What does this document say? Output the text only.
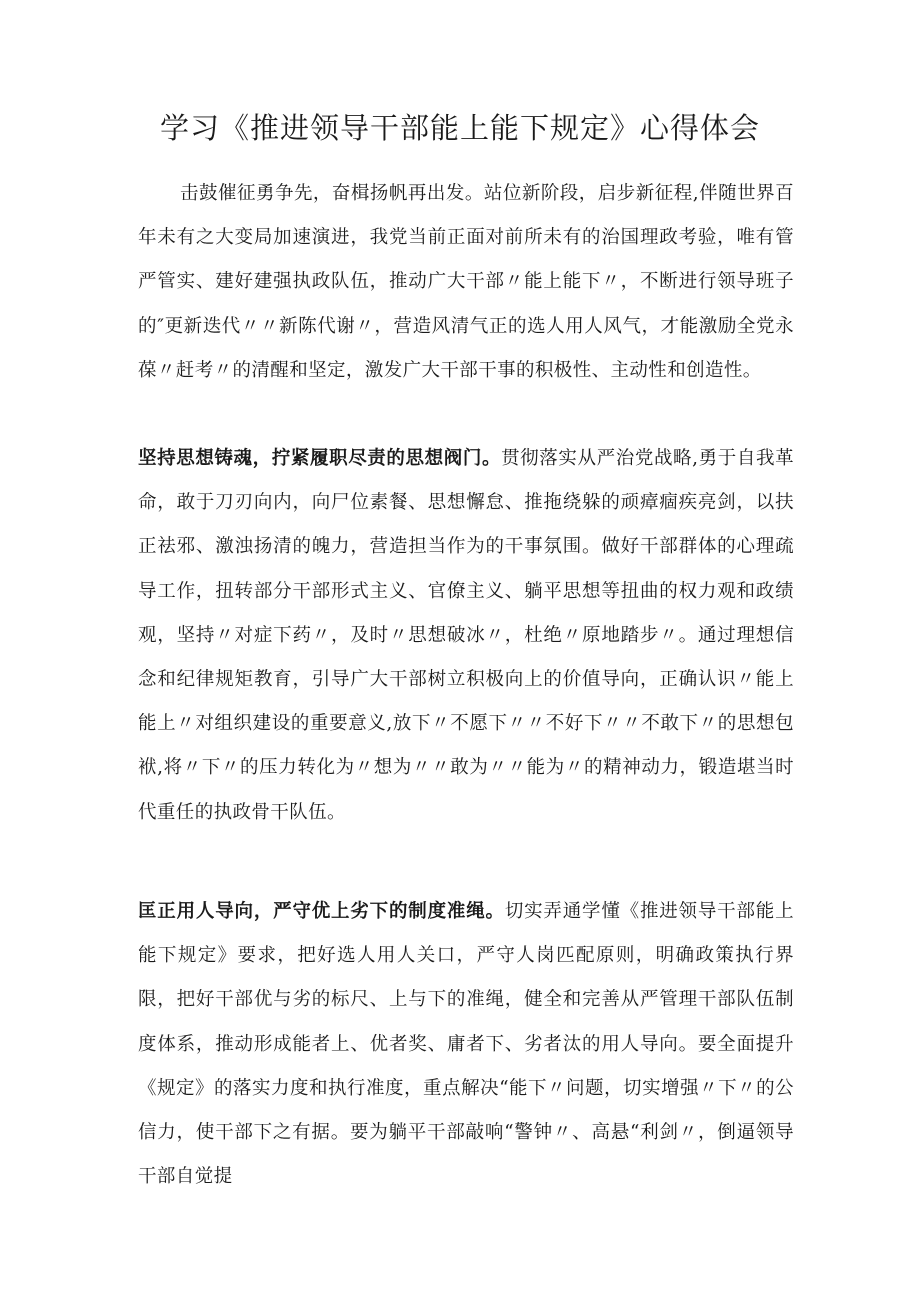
学习《推进领导干部能上能下规定》心得体会

击鼓催征勇争先，奋楫扬帆再出发。站位新阶段，启步新征程,伴随世界百年未有之大变局加速演进，我党当前正面对前所未有的治国理政考验，唯有管严管实、建好建强执政队伍，推动广大干部〃能上能下〃，不断进行领导班子的″更新迭代〃〃新陈代谢〃，营造风清气正的选人用人风气，才能激励全党永葆〃赶考〃的清醒和坚定，激发广大干部干事的积极性、主动性和创造性。

坚持思想铸魂，拧紧履职尽责的思想阀门。贯彻落实从严治党战略,勇于自我革命，敢于刀刃向内，向尸位素餐、思想懈怠、推拖绕躲的顽瘴痼疾亮剑，以扶正祛邪、激浊扬清的魄力，营造担当作为的干事氛围。做好干部群体的心理疏导工作，扭转部分干部形式主义、官僚主义、躺平思想等扭曲的权力观和政绩观，坚持〃对症下药〃，及时〃思想破冰〃，杜绝〃原地踏步〃。通过理想信念和纪律规矩教育，引导广大干部树立积极向上的价值导向，正确认识〃能上能上〃对组织建设的重要意义,放下〃不愿下〃〃不好下〃〃不敢下〃的思想包袱,将〃下〃的压力转化为〃想为〃〃敢为〃〃能为〃的精神动力，锻造堪当时代重任的执政骨干队伍。

匡正用人导向，严守优上劣下的制度准绳。切实弄通学懂《推进领导干部能上能下规定》要求，把好选人用人关口，严守人岗匹配原则，明确政策执行界限，把好干部优与劣的标尺、上与下的准绳，健全和完善从严管理干部队伍制度体系，推动形成能者上、优者奖、庸者下、劣者汰的用人导向。要全面提升《规定》的落实力度和执行准度，重点解决“能下〃问题，切实增强〃下〃的公信力，使干部下之有据。要为躺平干部敲响“警钟〃、高悬“利剑〃，倒逼领导干部自觉提
